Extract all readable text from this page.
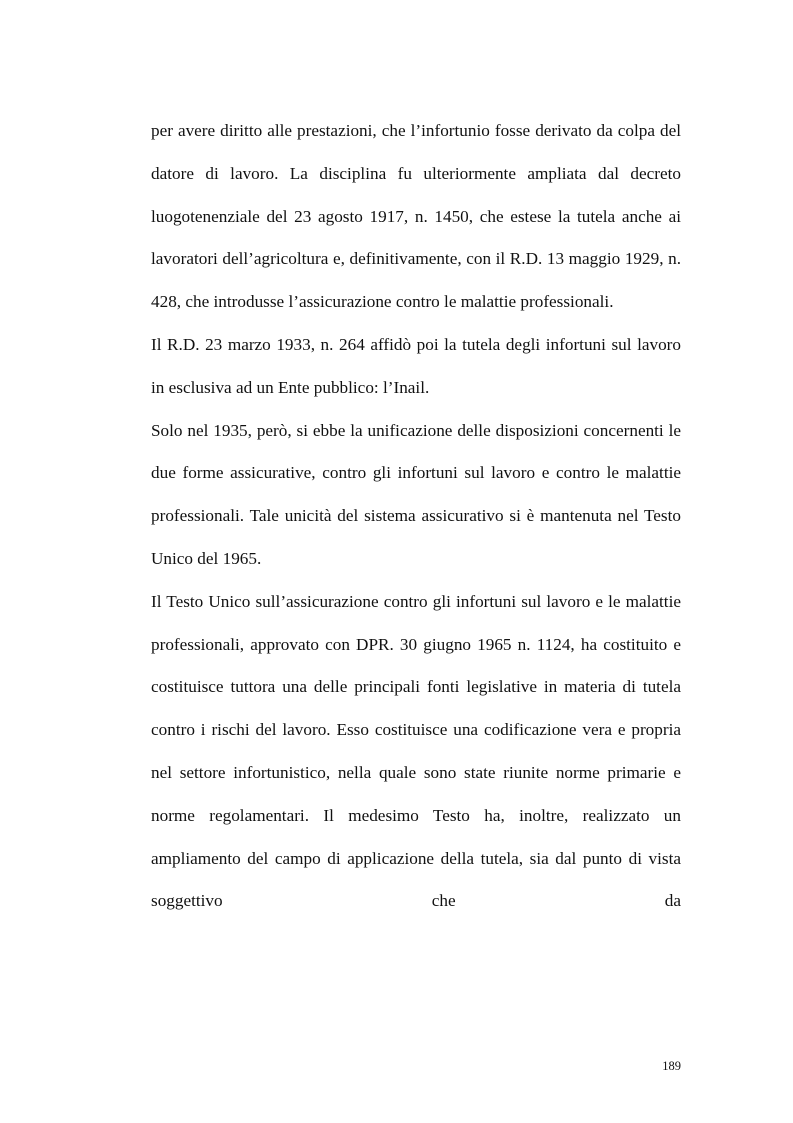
per avere diritto alle prestazioni, che l’infortunio fosse derivato da colpa del datore di lavoro. La disciplina fu ulteriormente ampliata dal decreto luogotenenziale del 23 agosto 1917, n. 1450, che estese la tutela anche ai lavoratori dell’agricoltura e, definitivamente, con il R.D. 13 maggio 1929, n. 428, che introdusse l’assicurazione contro le malattie professionali.

Il R.D. 23 marzo 1933, n. 264 affidò poi la tutela degli infortuni sul lavoro in esclusiva ad un Ente pubblico: l’Inail.

Solo nel 1935, però, si ebbe la unificazione delle disposizioni concernenti le due forme assicurative, contro gli infortuni sul lavoro e contro le malattie professionali. Tale unicità del sistema assicurativo si è mantenuta nel Testo Unico del 1965.

Il Testo Unico sull’assicurazione contro gli infortuni sul lavoro e le malattie professionali, approvato con DPR. 30 giugno 1965 n. 1124, ha costituito e costituisce tuttora una delle principali fonti legislative in materia di tutela contro i rischi del lavoro. Esso costituisce una codificazione vera e propria nel settore infortunistico, nella quale sono state riunite norme primarie e norme regolamentari. Il medesimo Testo ha, inoltre, realizzato un ampliamento del campo di applicazione della tutela, sia dal punto di vista soggettivo che da

189
